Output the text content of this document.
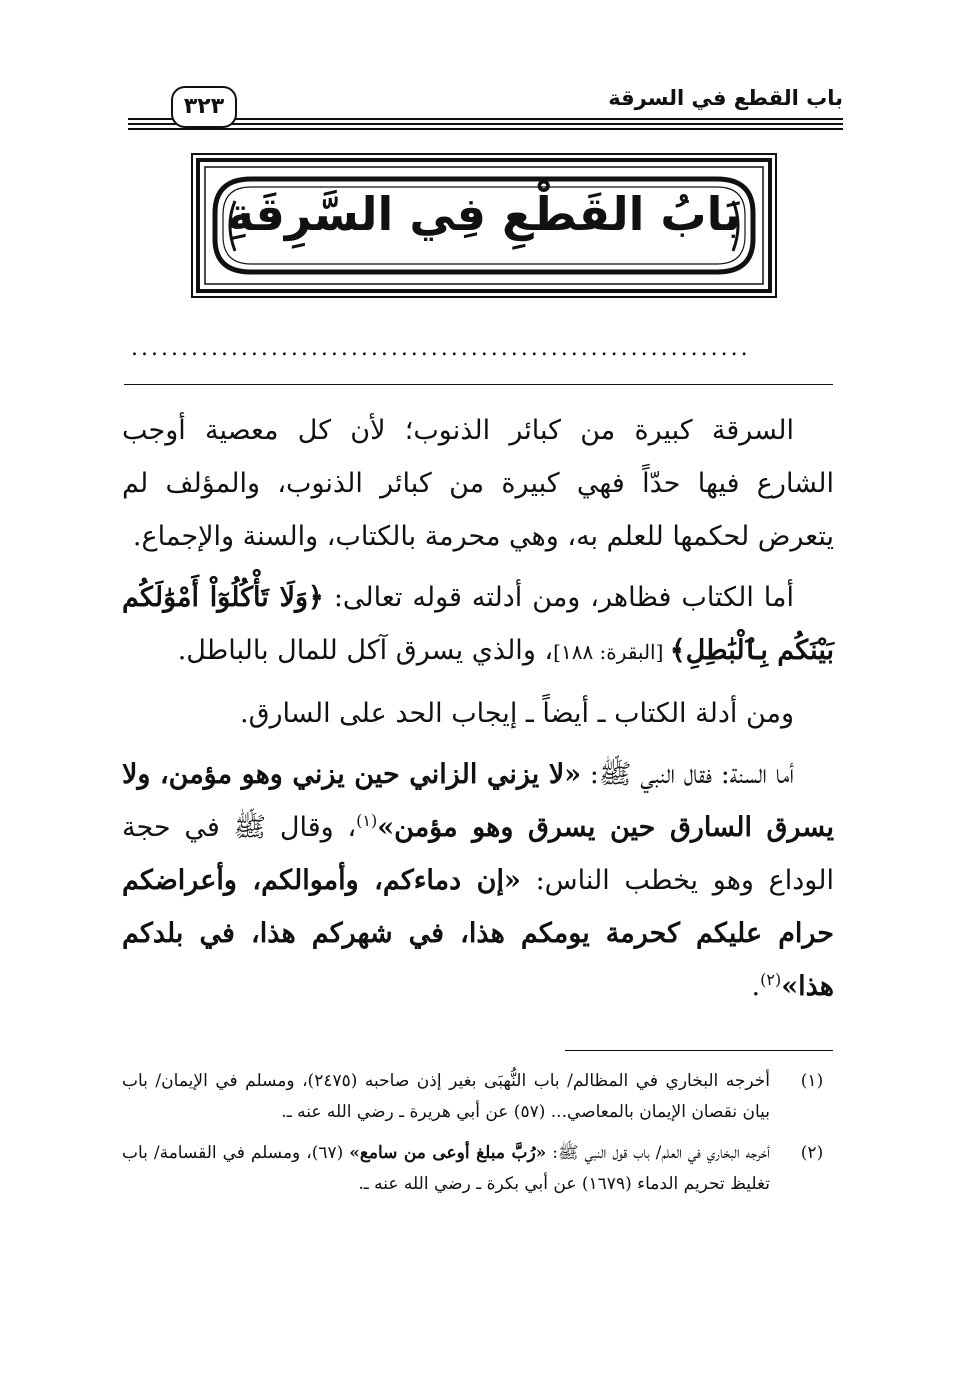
باب القطع في السرقة
٣٢٣
بَابُ القَطْعِ فِي السَّرِقَةِ
..............................................................

السرقة كبيرة من كبائر الذنوب؛ لأن كل معصية أوجب الشارع فيها حدّاً فهي كبيرة من كبائر الذنوب، والمؤلف لم يتعرض لحكمها للعلم به، وهي محرمة بالكتاب، والسنة والإجماع.

أما الكتاب فظاهر، ومن أدلته قوله تعالى: ﴿وَلَا تَأْكُلُوٓاْ أَمْوَٰلَكُم بَيْنَكُم بِٱلْبَٰطِلِ﴾ [البقرة: ١٨٨]، والذي يسرق آكل للمال بالباطل.

ومن أدلة الكتاب ـ أيضاً ـ إيجاب الحد على السارق.

أما السنة: فقال النبي ﷺ: «لا يزني الزاني حين يزني وهو مؤمن، ولا يسرق السارق حين يسرق وهو مؤمن»$^{(١)}$، وقال ﷺ في حجة الوداع وهو يخطب الناس: «إن دماءكم، وأموالكم، وأعراضكم حرام عليكم كحرمة يومكم هذا، في شهركم هذا، في بلدكم هذا»$^{(٢)}$.

(١)
أخرجه البخاري في المظالم/ باب النُّهبَى بغير إذن صاحبه (٢٤٧٥)، ومسلم في الإيمان/ باب بيان نقصان الإيمان بالمعاصي... (٥٧) عن أبي هريرة ـ رضي الله عنه ـ.
(٢)
أخرجه البخاري في العلم/ باب قول النبي ﷺ: «رُبَّ مبلغ أوعى من سامع» (٦٧)، ومسلم في القسامة/ باب تغليظ تحريم الدماء (١٦٧٩) عن أبي بكرة ـ رضي الله عنه ـ.
